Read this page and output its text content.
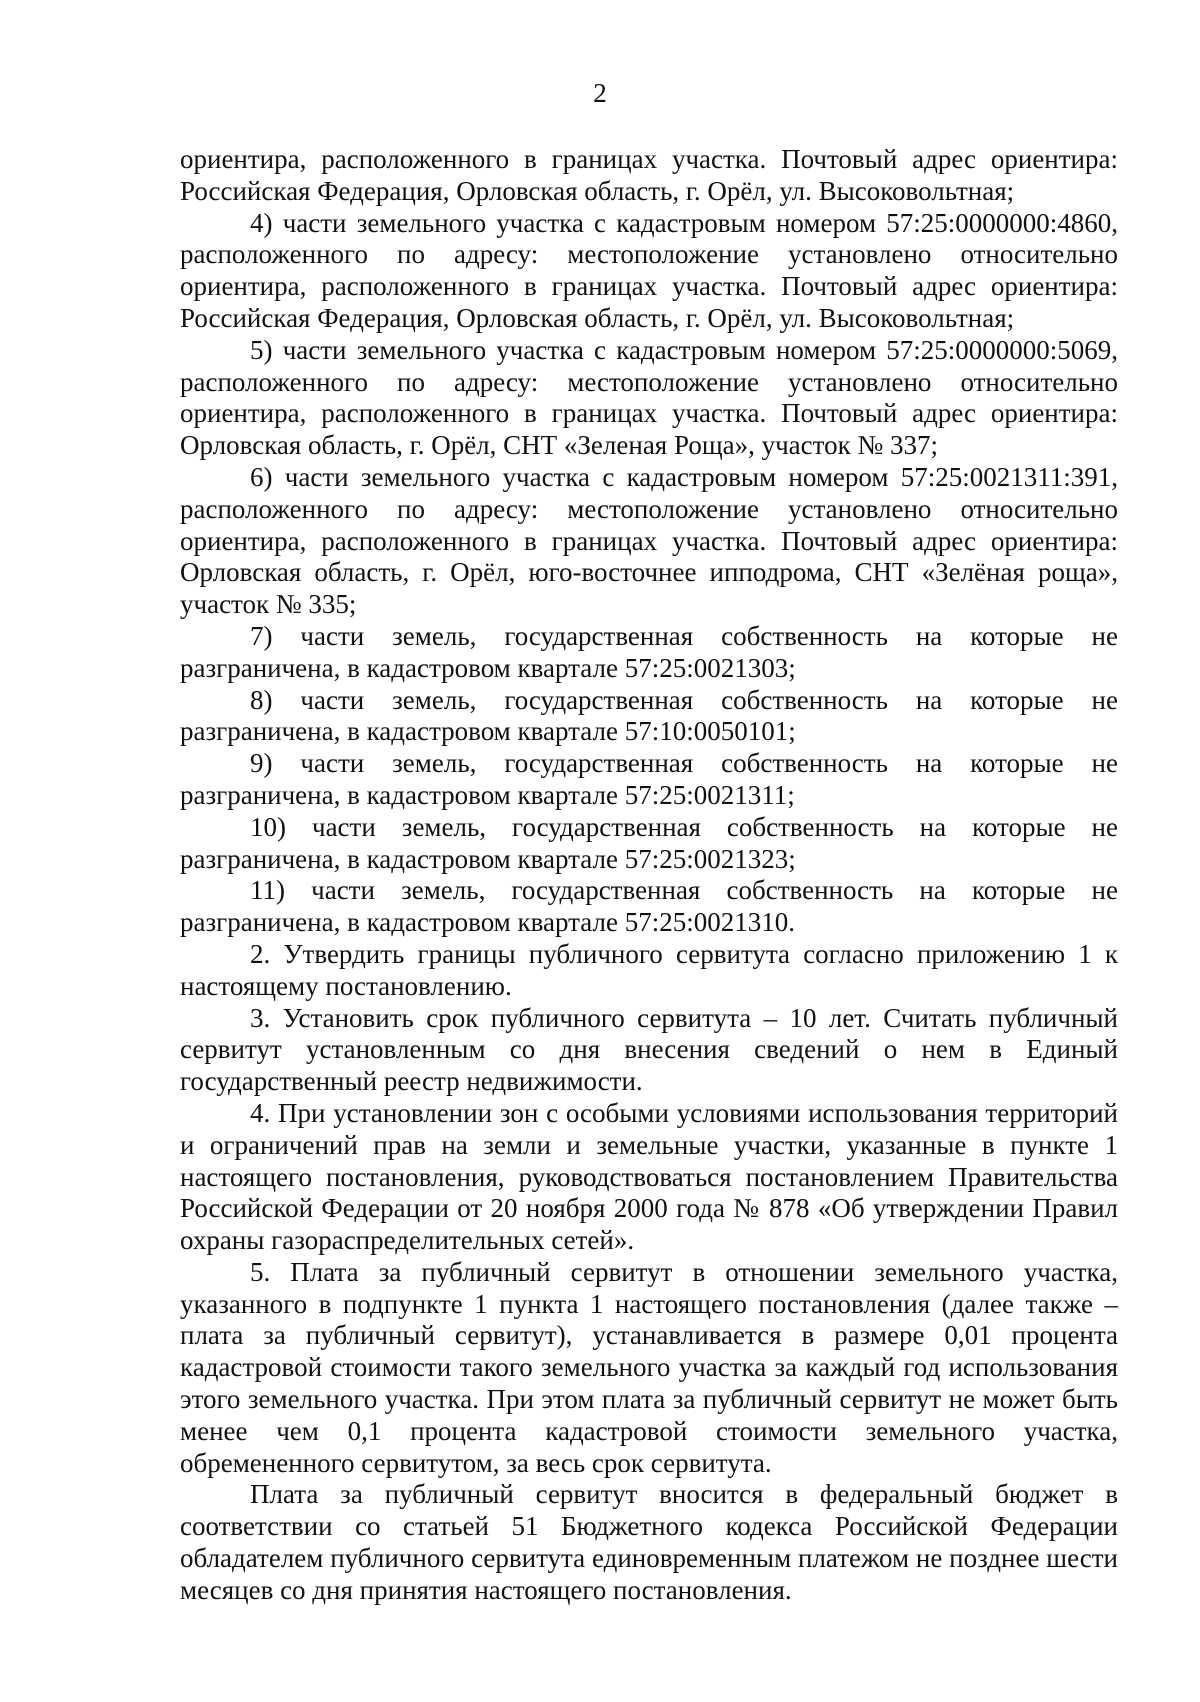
2

ориентира, расположенного в границах участка. Почтовый адрес ориентира: Российская Федерация, Орловская область, г. Орёл, ул. Высоковольтная;

4) части земельного участка с кадастровым номером 57:25:0000000:4860, расположенного по адресу: местоположение установлено относительно ориентира, расположенного в границах участка. Почтовый адрес ориентира: Российская Федерация, Орловская область, г. Орёл, ул. Высоковольтная;

5) части земельного участка с кадастровым номером 57:25:0000000:5069, расположенного по адресу: местоположение установлено относительно ориентира, расположенного в границах участка. Почтовый адрес ориентира: Орловская область, г. Орёл, СНТ «Зеленая Роща», участок № 337;

6) части земельного участка с кадастровым номером 57:25:0021311:391, расположенного по адресу: местоположение установлено относительно ориентира, расположенного в границах участка. Почтовый адрес ориентира: Орловская область, г. Орёл, юго-восточнее ипподрома, СНТ «Зелёная роща», участок № 335;

7) части земель, государственная собственность на которые не разграничена, в кадастровом квартале 57:25:0021303;

8) части земель, государственная собственность на которые не разграничена, в кадастровом квартале 57:10:0050101;

9) части земель, государственная собственность на которые не разграничена, в кадастровом квартале 57:25:0021311;

10) части земель, государственная собственность на которые не разграничена, в кадастровом квартале 57:25:0021323;

11) части земель, государственная собственность на которые не разграничена, в кадастровом квартале 57:25:0021310.

2. Утвердить границы публичного сервитута согласно приложению 1 к настоящему постановлению.

3. Установить срок публичного сервитута – 10 лет. Считать публичный сервитут установленным со дня внесения сведений о нем в Единый государственный реестр недвижимости.

4. При установлении зон с особыми условиями использования территорий и ограничений прав на земли и земельные участки, указанные в пункте 1 настоящего постановления, руководствоваться постановлением Правительства Российской Федерации от 20 ноября 2000 года № 878 «Об утверждении Правил охраны газораспределительных сетей».

5. Плата за публичный сервитут в отношении земельного участка, указанного в подпункте 1 пункта 1 настоящего постановления (далее также – плата за публичный сервитут), устанавливается в размере 0,01 процента кадастровой стоимости такого земельного участка за каждый год использования этого земельного участка. При этом плата за публичный сервитут не может быть менее чем 0,1 процента кадастровой стоимости земельного участка, обремененного сервитутом, за весь срок сервитута.

Плата за публичный сервитут вносится в федеральный бюджет в соответствии со статьей 51 Бюджетного кодекса Российской Федерации обладателем публичного сервитута единовременным платежом не позднее шести месяцев со дня принятия настоящего постановления.
